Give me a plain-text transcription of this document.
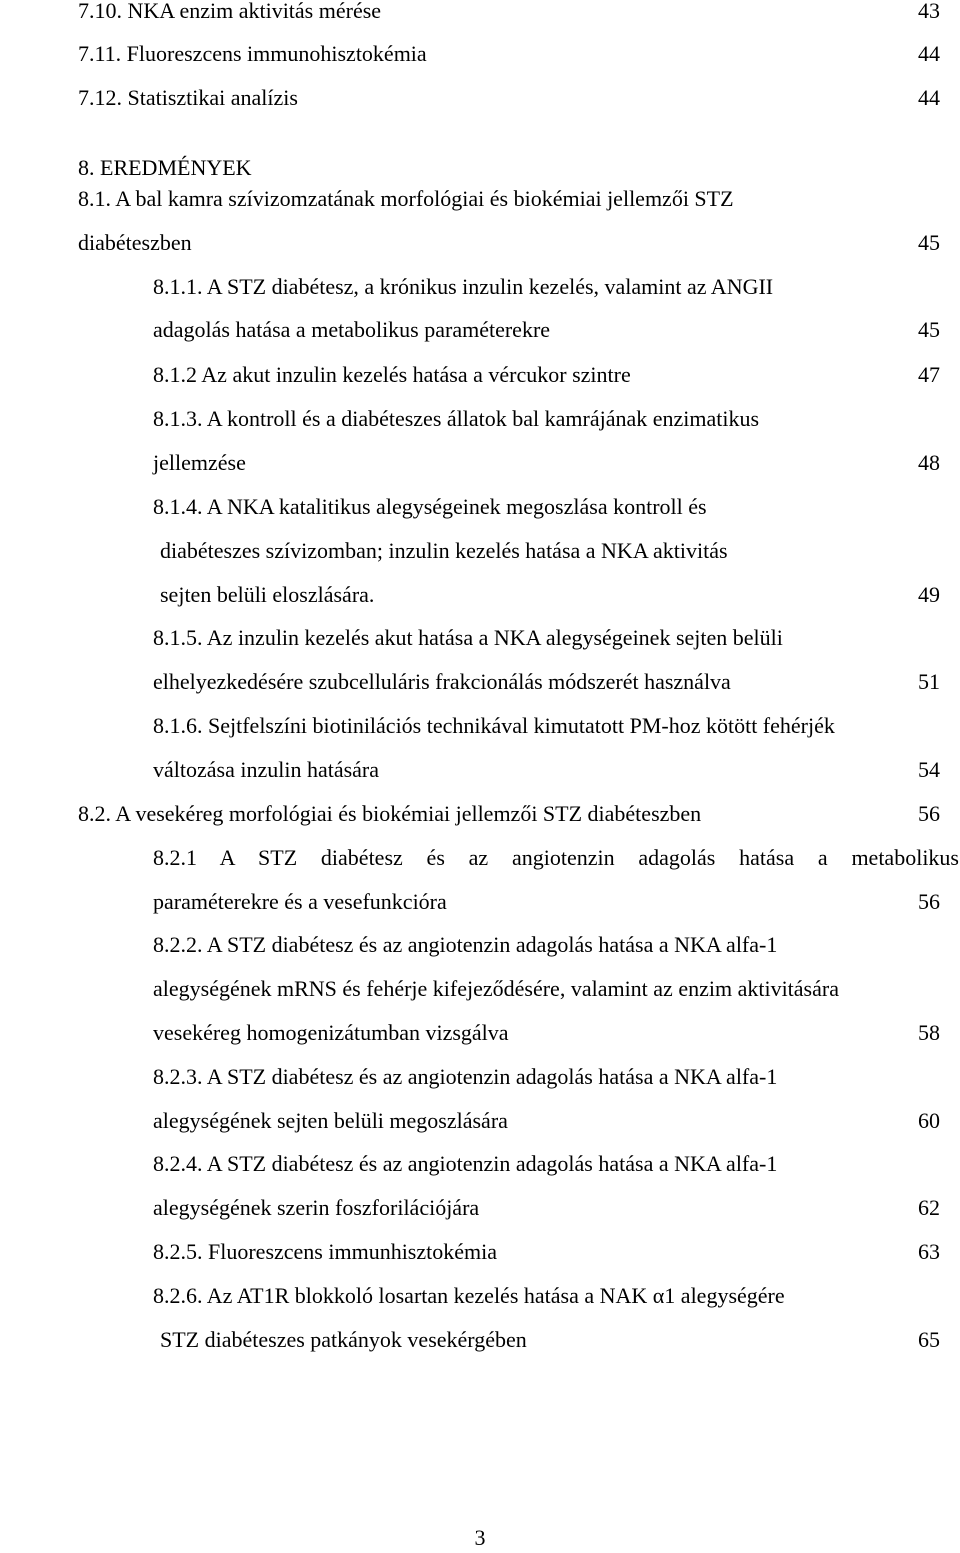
7.10. NKA enzim aktivitás mérése	43
7.11. Fluoreszcens immunohisztokémia	44
7.12. Statisztikai analízis	44
8. EREDMÉNYEK
8.1. A bal kamra szívizomzatának morfológiai és biokémiai jellemzői STZ
diabéteszben	45
8.1.1. A STZ diabétesz, a krónikus inzulin kezelés, valamint az ANGII
adagolás hatása a metabolikus paraméterekre	45
8.1.2 Az akut inzulin kezelés hatása a vércukor szintre	47
8.1.3. A kontroll és a diabéteszes állatok bal kamrájának enzimatikus
jellemzése	48
8.1.4. A NKA katalitikus alegységeinek megoszlása kontroll és
diabéteszes szívizomban; inzulin kezelés hatása a NKA aktivitás
sejten belüli eloszlására.	49
8.1.5. Az inzulin kezelés akut hatása a NKA alegységeinek sejten belüli
elhelyezkedésére szubcelluláris frakcionálás módszerét használva	51
8.1.6. Sejtfelszíni biotinilációs technikával kimutatott PM-hoz kötött fehérjék
változása inzulin hatására	54
8.2. A vesekéreg morfológiai és biokémiai jellemzői STZ diabéteszben	56
8.2.1 A STZ diabétesz és az angiotenzin adagolás hatása a metabolikus
paraméterekre és a vesefunkcióra	56
8.2.2. A STZ diabétesz és az angiotenzin adagolás hatása a NKA alfa-1
alegységének mRNS és fehérje kifejeződésére, valamint az enzim aktivitására
vesekéreg homogenizátumban vizsgálva	58
8.2.3. A STZ diabétesz és az angiotenzin adagolás hatása a NKA alfa-1
alegységének sejten belüli megoszlására	60
8.2.4. A STZ diabétesz és az angiotenzin adagolás hatása a NKA alfa-1
alegységének szerin foszforilációjára	62
8.2.5. Fluoreszcens immunhisztokémia	63
8.2.6. Az AT1R blokkoló losartan kezelés hatása a NAK α1 alegységére
STZ diabéteszes patkányok vesekérgében	65
3
